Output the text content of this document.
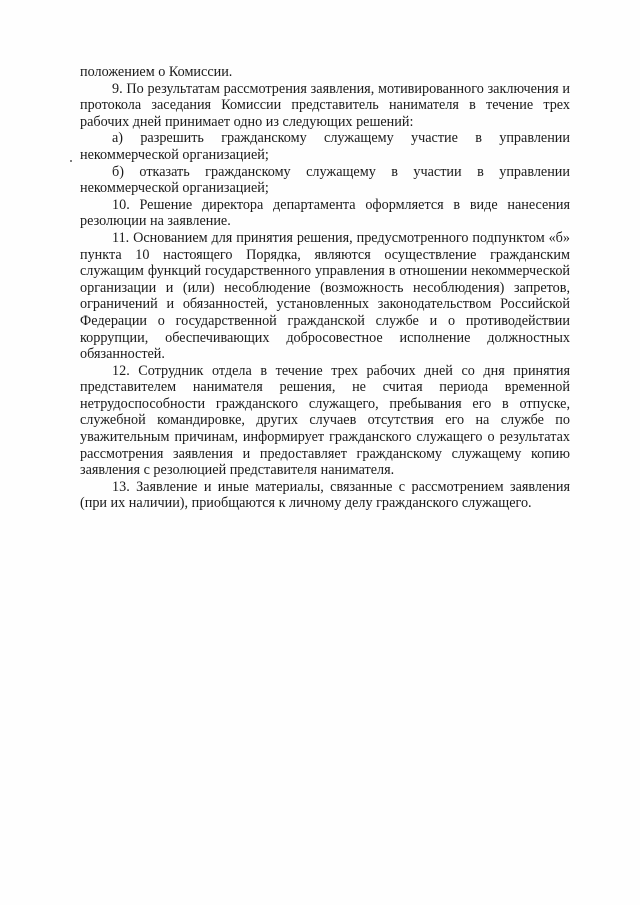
положением о Комиссии.

9. По результатам рассмотрения заявления, мотивированного заключения и протокола заседания Комиссии представитель нанимателя в течение трех рабочих дней принимает одно из следующих решений:

а) разрешить гражданскому служащему участие в управлении некоммерческой организацией;

б) отказать гражданскому служащему в участии в управлении некоммерческой организацией;

10. Решение директора департамента оформляется в виде нанесения резолюции на заявление.

11. Основанием для принятия решения, предусмотренного подпунктом «б» пункта 10 настоящего Порядка, являются осуществление гражданским служащим функций государственного управления в отношении некоммерческой организации и (или) несоблюдение (возможность несоблюдения) запретов, ограничений и обязанностей, установленных законодательством Российской Федерации о государственной гражданской службе и о противодействии коррупции, обеспечивающих добросовестное исполнение должностных обязанностей.

12. Сотрудник отдела в течение трех рабочих дней со дня принятия представителем нанимателя решения, не считая периода временной нетрудоспособности гражданского служащего, пребывания его в отпуске, служебной командировке, других случаев отсутствия его на службе по уважительным причинам, информирует гражданского служащего о результатах рассмотрения заявления и предоставляет гражданскому служащему копию заявления с резолюцией представителя нанимателя.

13. Заявление и иные материалы, связанные с рассмотрением заявления (при их наличии), приобщаются к личному делу гражданского служащего.
